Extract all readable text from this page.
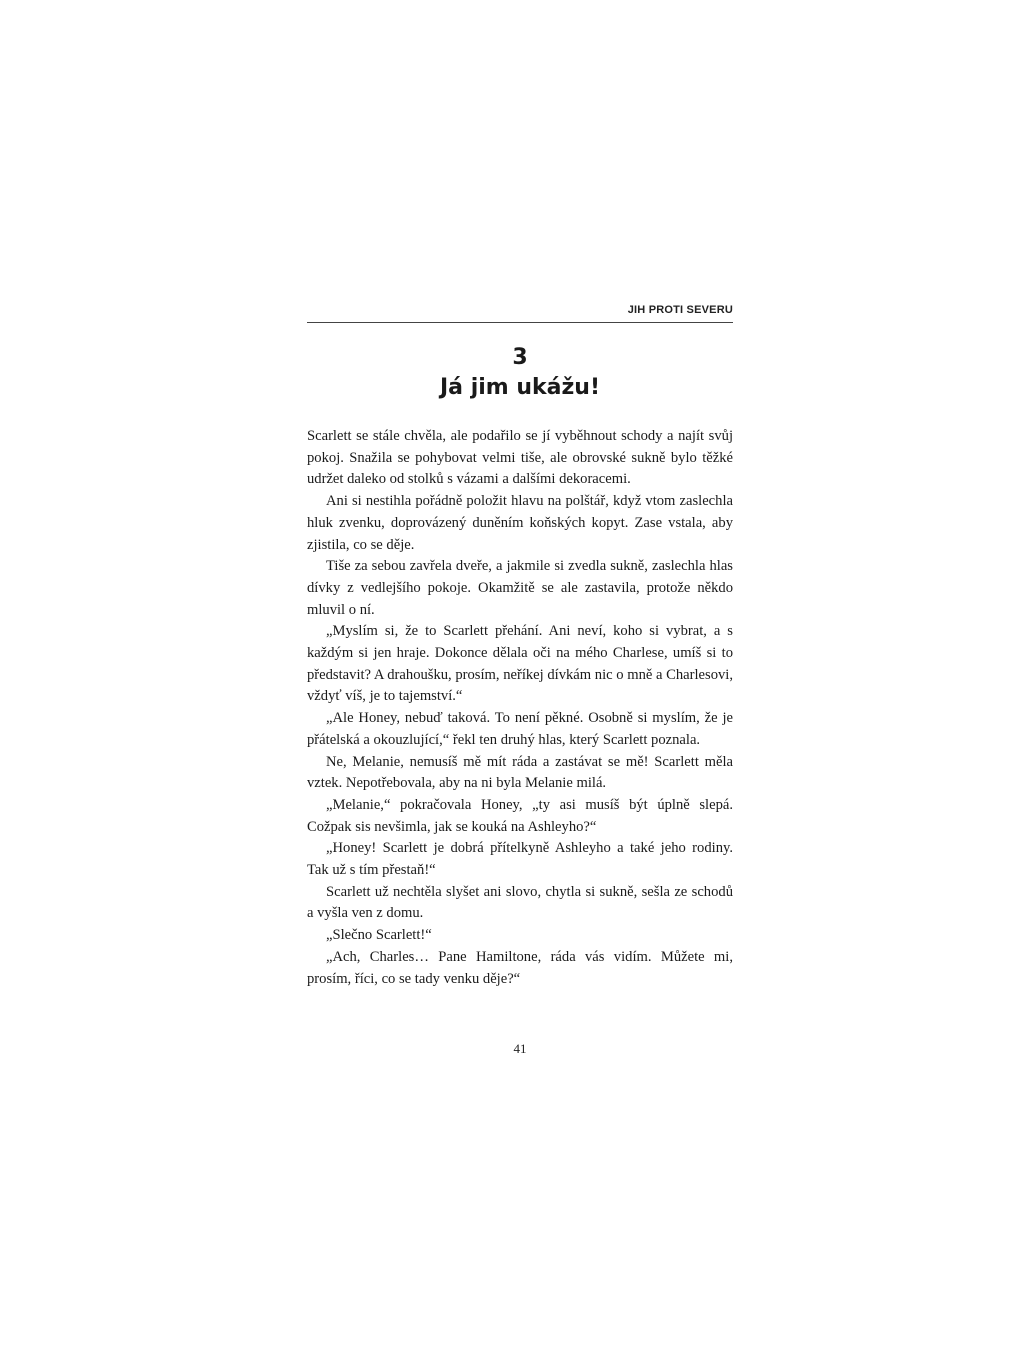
JIH PROTI SEVERU
3
Já jim ukážu!

Scarlett se stále chvěla, ale podařilo se jí vyběhnout schody a najít svůj pokoj. Snažila se pohybovat velmi tiše, ale obrovské sukně bylo těžké udržet daleko od stolků s vázami a dalšími dekoracemi.

Ani si nestihla pořádně položit hlavu na polštář, když vtom zaslechla hluk zvenku, doprovázený duněním koňských kopyt. Zase vstala, aby zjistila, co se děje.

Tiše za sebou zavřela dveře, a jakmile si zvedla sukně, zaslechla hlas dívky z vedlejšího pokoje. Okamžitě se ale zastavila, protože někdo mluvil o ní.

„Myslím si, že to Scarlett přehání. Ani neví, koho si vybrat, a s každým si jen hraje. Dokonce dělala oči na mého Charlese, umíš si to představit? A drahoušku, prosím, neříkej dívkám nic o mně a Charlesovi, vždyť víš, je to tajemství.“

„Ale Honey, nebuď taková. To není pěkné. Osobně si myslím, že je přátelská a okouzlující,“ řekl ten druhý hlas, který Scarlett poznala.

Ne, Melanie, nemusíš mě mít ráda a zastávat se mě! Scarlett měla vztek. Nepotřebovala, aby na ni byla Melanie milá.

„Melanie,“ pokračovala Honey, „ty asi musíš být úplně slepá. Cožpak sis nevšimla, jak se kouká na Ashleyho?“

„Honey! Scarlett je dobrá přítelkyně Ashleyho a také jeho rodiny. Tak už s tím přestaň!“

Scarlett už nechtěla slyšet ani slovo, chytla si sukně, sešla ze schodů a vyšla ven z domu.

„Slečno Scarlett!“

„Ach, Charles… Pane Hamiltone, ráda vás vidím. Můžete mi, prosím, říci, co se tady venku děje?“

41
